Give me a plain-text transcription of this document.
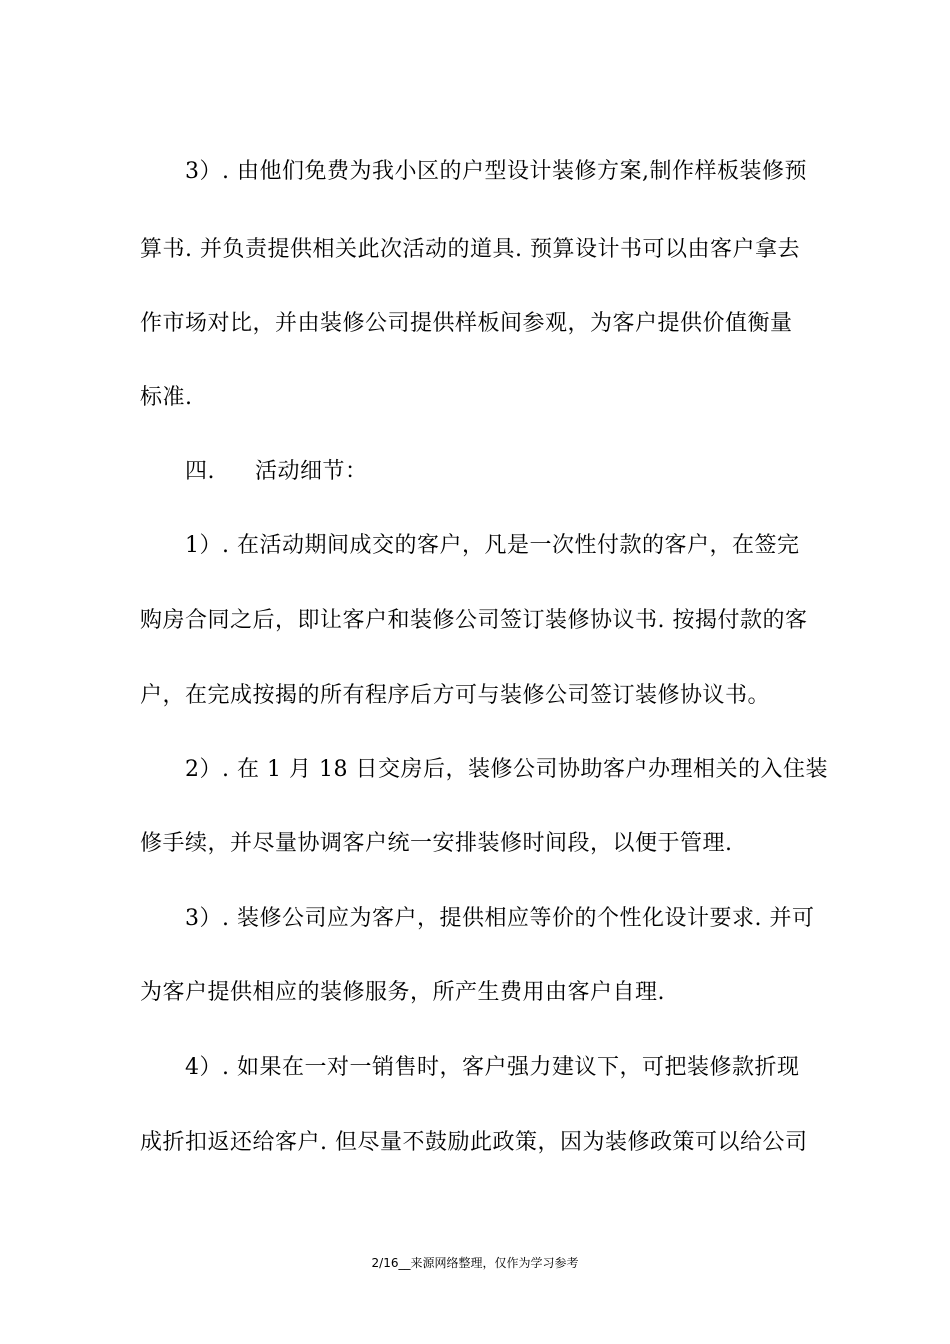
3）. 由他们免费为我小区的户型设计装修方案,制作样板装修预
算书. 并负责提供相关此次活动的道具. 预算设计书可以由客户拿去
作市场对比，并由装修公司提供样板间参观，为客户提供价值衡量
标准.
四. 活动细节：
1）. 在活动期间成交的客户，凡是一次性付款的客户，在签完
购房合同之后，即让客户和装修公司签订装修协议书. 按揭付款的客
户，在完成按揭的所有程序后方可与装修公司签订装修协议书。
2）. 在 1 月 18 日交房后，装修公司协助客户办理相关的入住装
修手续，并尽量协调客户统一安排装修时间段，以便于管理.
3）. 装修公司应为客户，提供相应等价的个性化设计要求. 并可
为客户提供相应的装修服务，所产生费用由客户自理.
4）. 如果在一对一销售时，客户强力建议下，可把装修款折现
成折扣返还给客户. 但尽量不鼓励此政策，因为装修政策可以给公司
2/16__来源网络整理，仅作为学习参考
